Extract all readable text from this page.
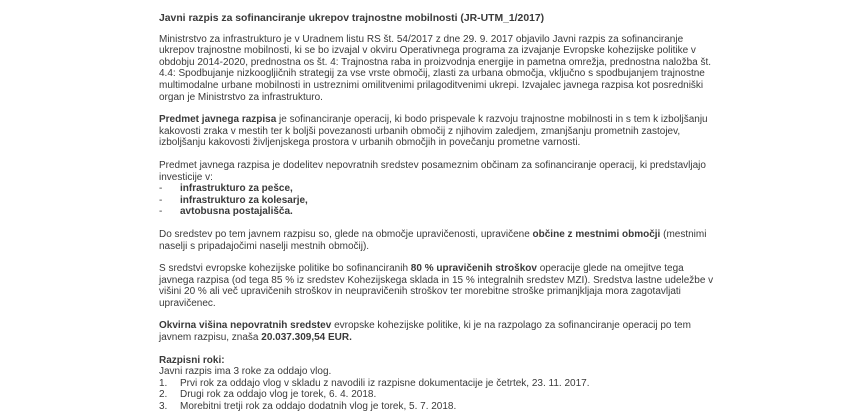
Javni razpis za sofinanciranje ukrepov trajnostne mobilnosti (JR-UTM_1/2017)

Ministrstvo za infrastrukturo je v Uradnem listu RS št. 54/2017 z dne 29. 9. 2017 objavilo Javni razpis za sofinanciranje ukrepov trajnostne mobilnosti, ki se bo izvajal v okviru Operativnega programa za izvajanje Evropske kohezijske politike v obdobju 2014-2020, prednostna os št. 4: Trajnostna raba in proizvodnja energije in pametna omrežja, prednostna naložba št. 4.4: Spodbujanje nizkoogljičnih strategij za vse vrste območij, zlasti za urbana območja, vključno s spodbujanjem trajnostne multimodalne urbane mobilnosti in ustreznimi omilitvenimi prilagoditvenimi ukrepi. Izvajalec javnega razpisa kot posredniški organ je Ministrstvo za infrastrukturo.

Predmet javnega razpisa je sofinanciranje operacij, ki bodo prispevale k razvoju trajnostne mobilnosti in s tem k izboljšanju kakovosti zraka v mestih ter k boljši povezanosti urbanih območij z njihovim zaledjem, zmanjšanju prometnih zastojev, izboljšanju kakovosti življenjskega prostora v urbanih območjih in povečanju prometne varnosti.

Predmet javnega razpisa je dodelitev nepovratnih sredstev posameznim občinam za sofinanciranje operacij, ki predstavljajo investicije v:

- infrastrukturo za pešce,
- infrastrukturo za kolesarje,
- avtobusna postajališča.

Do sredstev po tem javnem razpisu so, glede na območje upravičenosti, upravičene občine z mestnimi območji (mestnimi naselji s pripadajočimi naselji mestnih območij).

S sredstvi evropske kohezijske politike bo sofinanciranih 80 % upravičenih stroškov operacije glede na omejitve tega javnega razpisa (od tega 85 % iz sredstev Kohezijskega sklada in 15 % integralnih sredstev MZI). Sredstva lastne udeležbe v višini 20 % ali več upravičenih stroškov in neupravičenih stroškov ter morebitne stroške primanjkljaja mora zagotavljati upravičenec.

Okvirna višina nepovratnih sredstev evropske kohezijske politike, ki je na razpolago za sofinanciranje operacij po tem javnem razpisu, znaša 20.037.309,54 EUR.

Razpisni roki:

Javni razpis ima 3 roke za oddajo vlog.

1. Prvi rok za oddajo vlog v skladu z navodili iz razpisne dokumentacije je četrtek, 23. 11. 2017.
2. Drugi rok za oddajo vlog je torek, 6. 4. 2018.
3. Morebitni tretji rok za oddajo dodatnih vlog je torek, 5. 7. 2018.
